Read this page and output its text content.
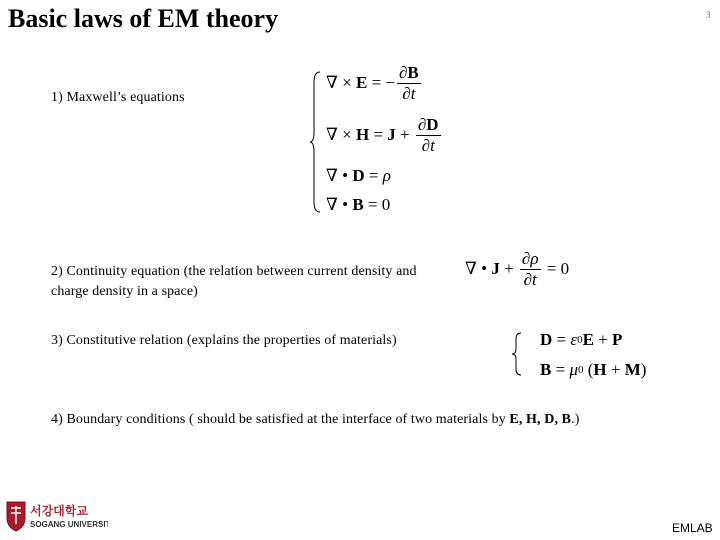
Basic laws of EM theory	3
1) Maxwell’s equations
∇ × E = − $\frac{\partial B}{\partial t}$
∇ × $H = J + \frac{\partial D}{\partial t}$
∇ • D = ρ
∇ • B = 0
2) Continuity equation (the relation between current density and
charge density in a space)
∇ • $J + \frac{\partial\rho}{\partial t} = 0$
3) Constitutive relation (explains the properties of materials)	D = ε 0 E + P
B = μ 0 ( H + M )
4) Boundary conditions ( should be satisfied at the interface of two materials by E, H, D, B.)
서강대학교
SOGANG UNIVERSITY	EMLAB
